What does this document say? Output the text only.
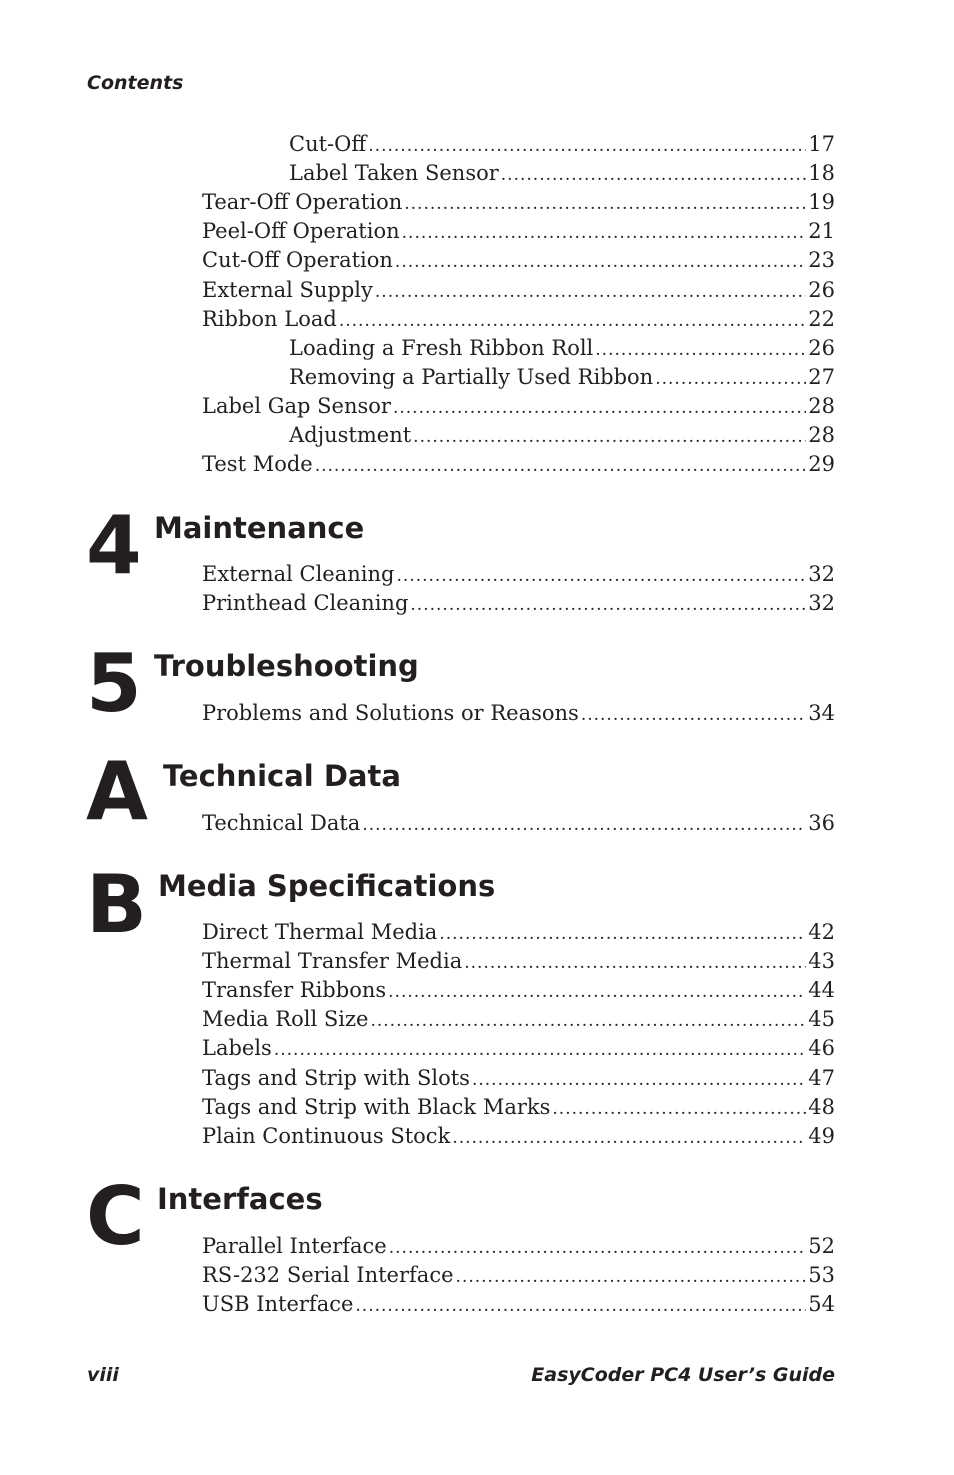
Contents
Cut-Off .....	17
Label Taken Sensor .....	18
Tear-Off Operation .....	19
Peel-Off Operation .....	21
Cut-Off Operation .....	23
External Supply .....	26
Ribbon Load .....	22
Loading a Fresh Ribbon Roll .....	26
Removing a Partially Used Ribbon .....	27
Label Gap Sensor .....	28
Adjustment .....	28
Test Mode .....	29
4 Maintenance
External Cleaning .....	32
Printhead Cleaning .....	32
5 Troubleshooting
Problems and Solutions or Reasons .....	34
A Technical Data
Technical Data .....	36
B Media Specifications
Direct Thermal Media .....	42
Thermal Transfer Media .....	43
Transfer Ribbons .....	44
Media Roll Size .....	45
Labels .....	46
Tags and Strip with Slots .....	47
Tags and Strip with Black Marks .....	48
Plain Continuous Stock .....	49
C Interfaces
Parallel Interface .....	52
RS-232 Serial Interface .....	53
USB Interface .....	54
viii	EasyCoder PC4 User’s Guide
